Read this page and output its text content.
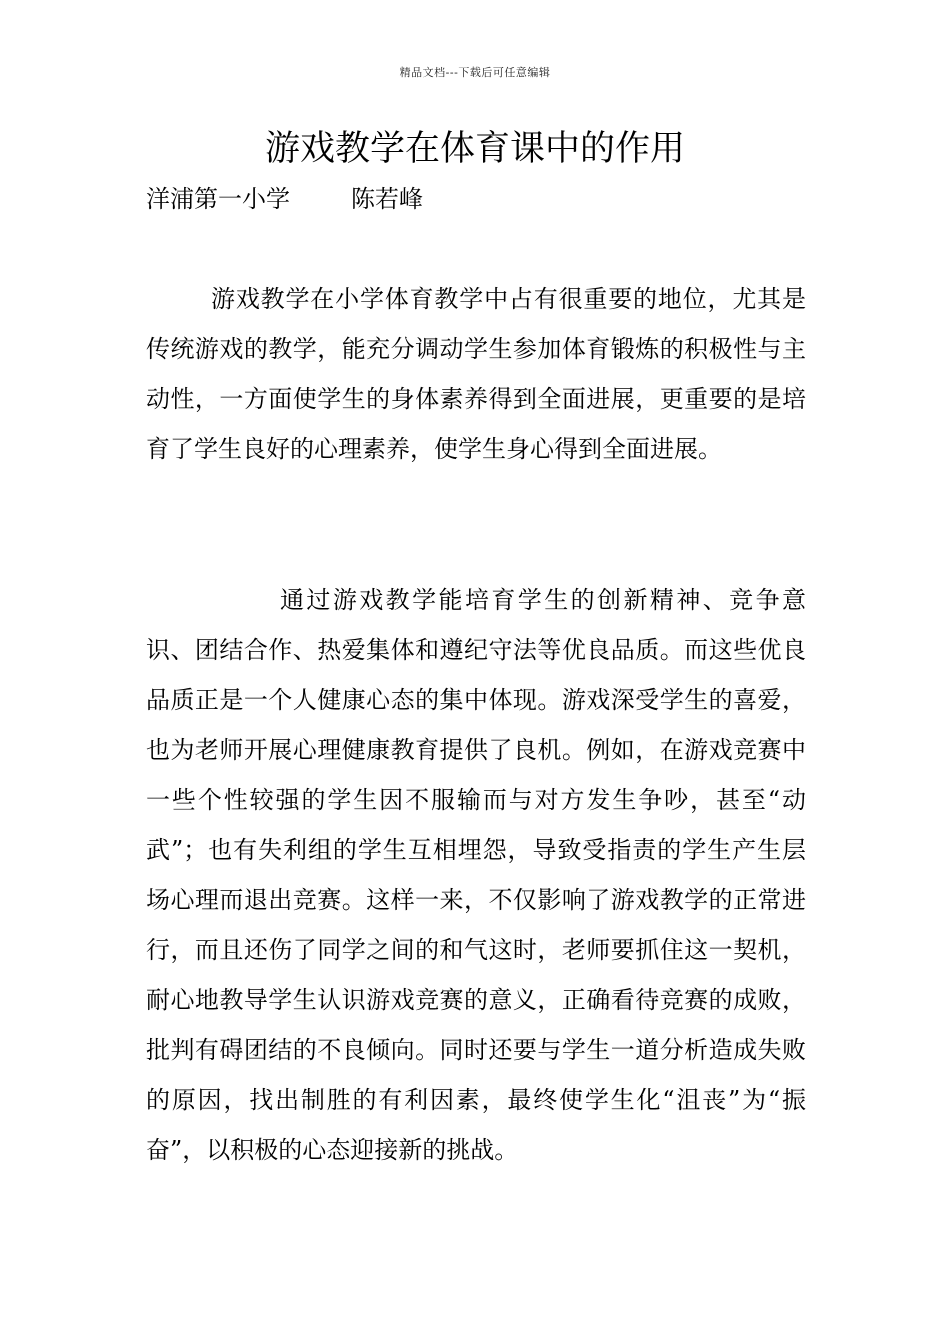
精品文档---下载后可任意编辑
游戏教学在体育课中的作用
洋浦第一小学	陈若峰

游戏教学在小学体育教学中占有很重要的地位，尤其是传统游戏的教学，能充分调动学生参加体育锻炼的积极性与主动性，一方面使学生的身体素养得到全面进展，更重要的是培育了学生良好的心理素养，使学生身心得到全面进展。

通过游戏教学能培育学生的创新精神、竞争意识、团结合作、热爱集体和遵纪守法等优良品质。而这些优良品质正是一个人健康心态的集中体现。游戏深受学生的喜爱，也为老师开展心理健康教育提供了良机。例如，在游戏竞赛中一些个性较强的学生因不服输而与对方发生争吵，甚至“动武”；也有失利组的学生互相埋怨，导致受指责的学生产生层场心理而退出竞赛。这样一来，不仅影响了游戏教学的正常进行，而且还伤了同学之间的和气这时，老师要抓住这一契机，耐心地教导学生认识游戏竞赛的意义，正确看待竞赛的成败，批判有碍团结的不良倾向。同时还要与学生一道分析造成失败的原因，找出制胜的有利因素，最终使学生化“沮丧”为“振奋”，以积极的心态迎接新的挑战。
